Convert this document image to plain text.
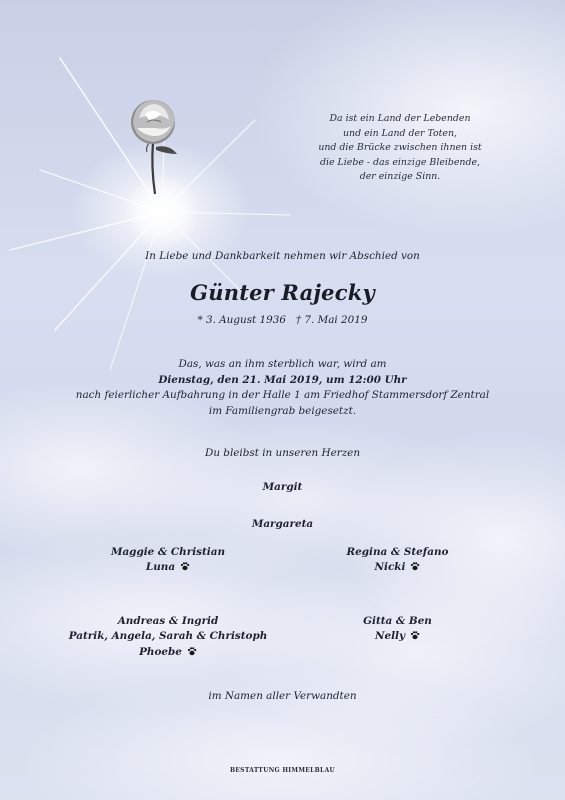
Da ist ein Land der Lebenden
und ein Land der Toten,
und die Brücke zwischen ihnen ist
die Liebe - das einzige Bleibende,
der einzige Sinn.
In Liebe und Dankbarkeit nehmen wir Abschied von
Günter Rajecky
* 3. August 1936   † 7. Mai 2019
Das, was an ihm sterblich war, wird am
Dienstag, den 21. Mai 2019, um 12:00 Uhr
nach feierlicher Aufbahrung in der Halle 1 am Friedhof Stammersdorf Zentral
im Familiengrab beigesetzt.
Du bleibst in unseren Herzen
Margit
Margareta
Maggie & Christian
Luna
Regina & Stefano
Nicki
Andreas & Ingrid
Patrik, Angela, Sarah & Christoph
Phoebe
Gitta & Ben
Nelly
im Namen aller Verwandten
BESTATTUNG HIMMELBLAU
